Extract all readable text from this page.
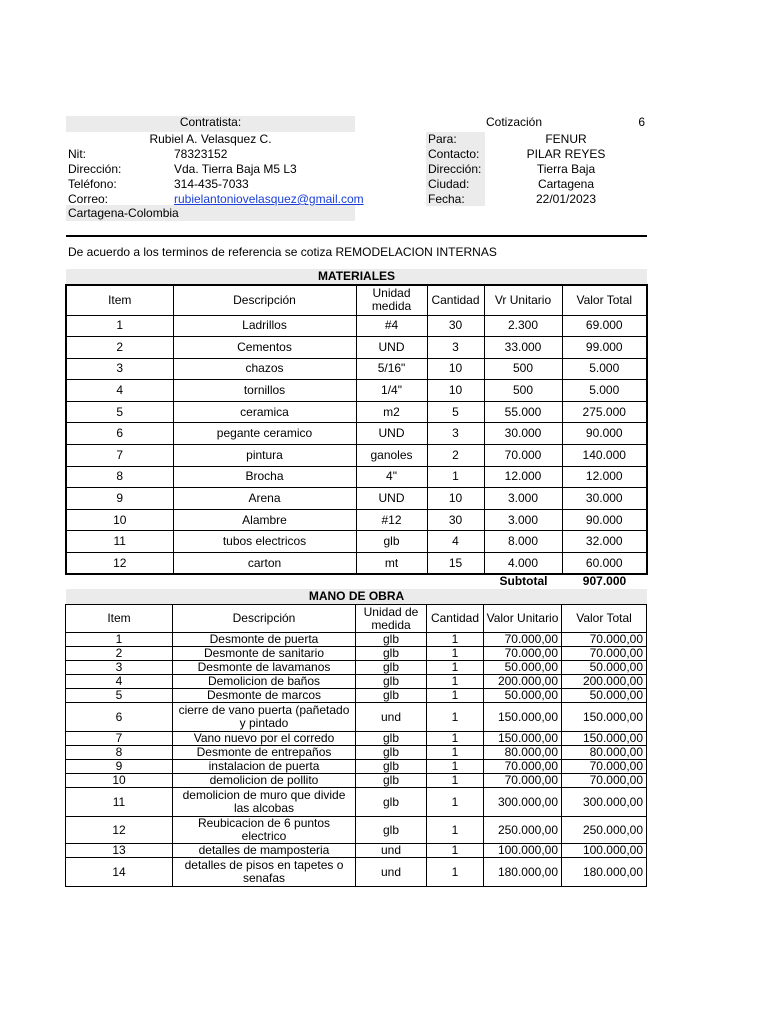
Contratista:
Rubiel A. Velasquez C.
Nit:	78323152
Dirección:	Vda. Tierra Baja M5 L3
Teléfono:	314-435-7033
Correo:	rubielantoniovelasquez@gmail.com
Cartagena-Colombia
Cotización	6
Para:	FENUR
Contacto:	PILAR REYES
Dirección:	Tierra Baja
Ciudad:	Cartagena
Fecha:	22/01/2023
De acuerdo a los terminos de referencia se cotiza REMODELACION INTERNAS
MATERIALES
Item	Descripción	Unidad medida	Cantidad	Vr Unitario	Valor Total
1	Ladrillos	#4	30	2.300	69.000
2	Cementos	UND	3	33.000	99.000
3	chazos	5/16"	10	500	5.000
4	tornillos	1/4"	10	500	5.000
5	ceramica	m2	5	55.000	275.000
6	pegante ceramico	UND	3	30.000	90.000
7	pintura	ganoles	2	70.000	140.000
8	Brocha	4"	1	12.000	12.000
9	Arena	UND	10	3.000	30.000
10	Alambre	#12	30	3.000	90.000
11	tubos electricos	glb	4	8.000	32.000
12	carton	mt	15	4.000	60.000
Subtotal	907.000
MANO DE OBRA
Item	Descripción	Unidad de medida	Cantidad	Valor Unitario	Valor Total
1	Desmonte de puerta	glb	1	70.000,00	70.000,00
2	Desmonte de sanitario	glb	1	70.000,00	70.000,00
3	Desmonte de lavamanos	glb	1	50.000,00	50.000,00
4	Demolicion de baños	glb	1	200.000,00	200.000,00
5	Desmonte de marcos	glb	1	50.000,00	50.000,00
6	cierre de vano puerta (pañetado y pintado	und	1	150.000,00	150.000,00
7	Vano nuevo por el corredo	glb	1	150.000,00	150.000,00
8	Desmonte de entrepaños	glb	1	80.000,00	80.000,00
9	instalacion de puerta	glb	1	70.000,00	70.000,00
10	demolicion de pollito	glb	1	70.000,00	70.000,00
11	demolicion de muro que divide las alcobas	glb	1	300.000,00	300.000,00
12	Reubicacion de 6 puntos electrico	glb	1	250.000,00	250.000,00
13	detalles de mamposteria	und	1	100.000,00	100.000,00
14	detalles de pisos en tapetes o senafas	und	1	180.000,00	180.000,00
